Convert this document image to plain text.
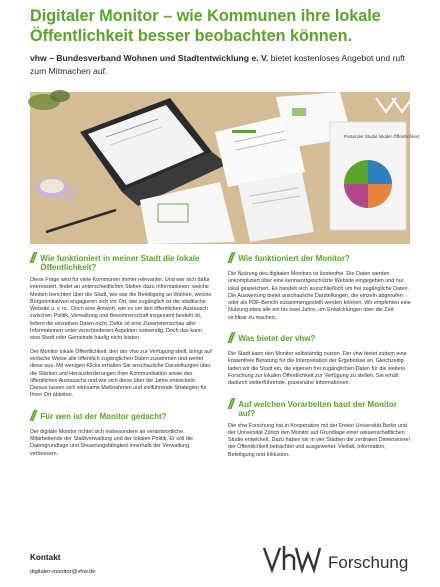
Digitaler Monitor – wie Kommunen ihre lokale Öffentlichkeit besser beobachten können.

vhw – Bundesverband Wohnen und Stadtentwicklung e. V. bietet kostenloses Angebot und ruft zum Mitmachen auf.

Portal der Studie lokaler Öffentlichkeit
// Wie funktioniert in meiner Stadt die lokale Öffentlichkeit?

Diese Frage wird für viele Kommunen immer relevanter. Und wer sich dafür interessiert, findet an unterschiedlichen Stellen dazu Informationen: welche Medien berichten über die Stadt, wie war die Beteiligung an Wahlen, welche Bürgerinitiativen engagieren sich vor Ort, wie zugänglich ist die städtische Website u. v. m.. Doch eine Antwort, wie es um den öffentlichen Austausch zwischen Politik, Verwaltung und Bewohnerschaft insgesamt bestellt ist, liefern die einzelnen Daten nicht. Dafür ist eine Zusammenschau aller Informationen unter verschiedenen Aspekten notwendig. Doch das kann eine Stadt oder Gemeinde häufig nicht leisten.

Der Monitor lokale Öffentlichkeit, den der vhw zur Verfügung stellt, bringt auf einfache Weise alle öffentlich zugänglichen Daten zusammen und wertet diese aus. Mit wenigen Klicks erhalten Sie anschauliche Darstellungen über die Stärken und Herausforderungen Ihrer Kommunikation sowie des öffentlichen Austauschs und wie sich diese über die Jahre entwickeln. Daraus lassen sich wirksame Maßnahmen und zielführende Strategien für Ihren Ort ableiten.

// Für wen ist der Monitor gedacht?

Der digitale Monitor richtet sich insbesondere an verantwortliche Mitarbeitende der Stadtverwaltung und der lokalen Politik. Er soll die Datengrundlage und Steuerungsfähigkeit innerhalb der Verwaltung verbessern.

// Wie funktioniert der Monitor?

Die Nutzung des digitalen Monitors ist kostenfrei. Die Daten werden unkompliziert über eine kennwortgeschützte Website eingegeben und nur lokal gespeichert. Es handelt sich ausschließlich um frei zugängliche Daten. Die Auswertung bietet anschauliche Darstellungen, die einzeln abgerufen oder als PDF-Bericht zusammengestellt werden können. Wir empfehlen eine Nutzung etwa alle ein bis zwei Jahre, um Entwicklungen über die Zeit sichtbar zu machen.

// Was bietet der vhw?

Die Stadt kann den Monitor selbständig nutzen. Der vhw bietet zudem eine kostenfreie Beratung für die Interpretation der Ergebnisse an. Gleichzeitig laden wir die Stadt ein, die eigenen frei zugänglichen Daten für die weitere Forschung zur lokalen Öffentlichkeit zur Verfügung zu stellen. Sie erhält dadurch weiterführende, praxisnahe Informationen.

// Auf welchen Vorarbeiten baut der Monitor auf?

Die vhw Forschung hat in Kooperation mit der Freien Universität Berlin und der Universität Zürich den Monitor auf Grundlage einer wissenschaftlichen Studie entwickelt. Dazu haben wir in vier Städten die zentralen Dimensionen der Öffentlichkeit betrachtet und ausgewertet: Vielfalt, Information, Beteiligung und Inklusion.

Kontakt
digitaler-monitor@vhw.de	Forschung
